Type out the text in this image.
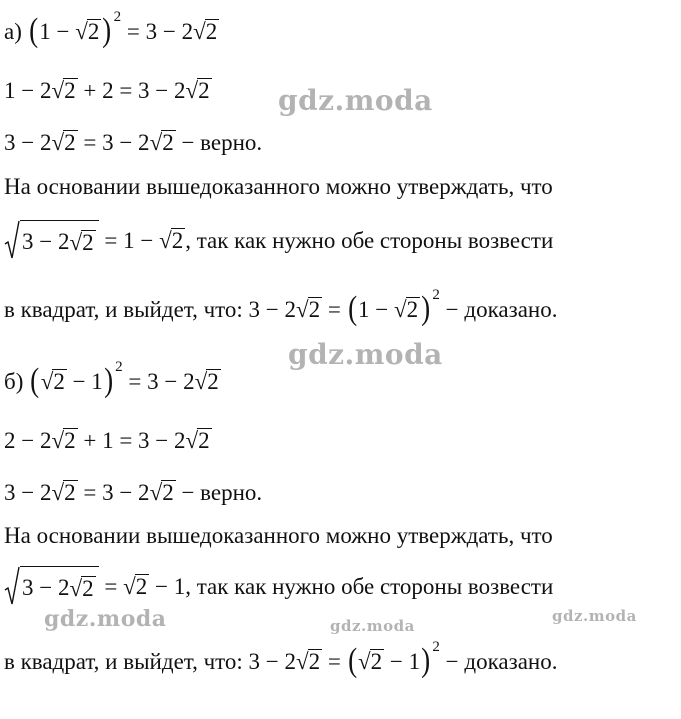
а) ( 1
−
√ 2 )$^2$

= 3 − 2 √ 2
1 − 2 √ 2
+ 2 = 3 − 2 √ 2
3 − 2 √ 2
= 3 − 2 √ 2
− верно.
На основании вышедоказанного можно утверждать, что
3 − 2 √ 2
= 1 −
√ 2 , так как нужно обе стороны возвести
в квадрат, и выйдет, что: 3 − 2 √ 2
=
( 1 −
√ 2 )$^2$

− доказано.
б) ( √ 2
− 1 )$^2$

= 3 − 2 √ 2
2 − 2 √ 2
+ 1 = 3 − 2 √ 2
3 − 2 √ 2
= 3 − 2 √ 2
− верно.
На основании вышедоказанного можно утверждать, что
3 − 2 √ 2
=
√ 2
− 1 , так как нужно обе стороны возвести
в квадрат, и выйдет, что: 3 − 2 √ 2
=
( √ 2
− 1 )$^2$

− доказано.
gdz.moda
gdz.moda
gdz.moda	gdz.moda
gdz.moda
